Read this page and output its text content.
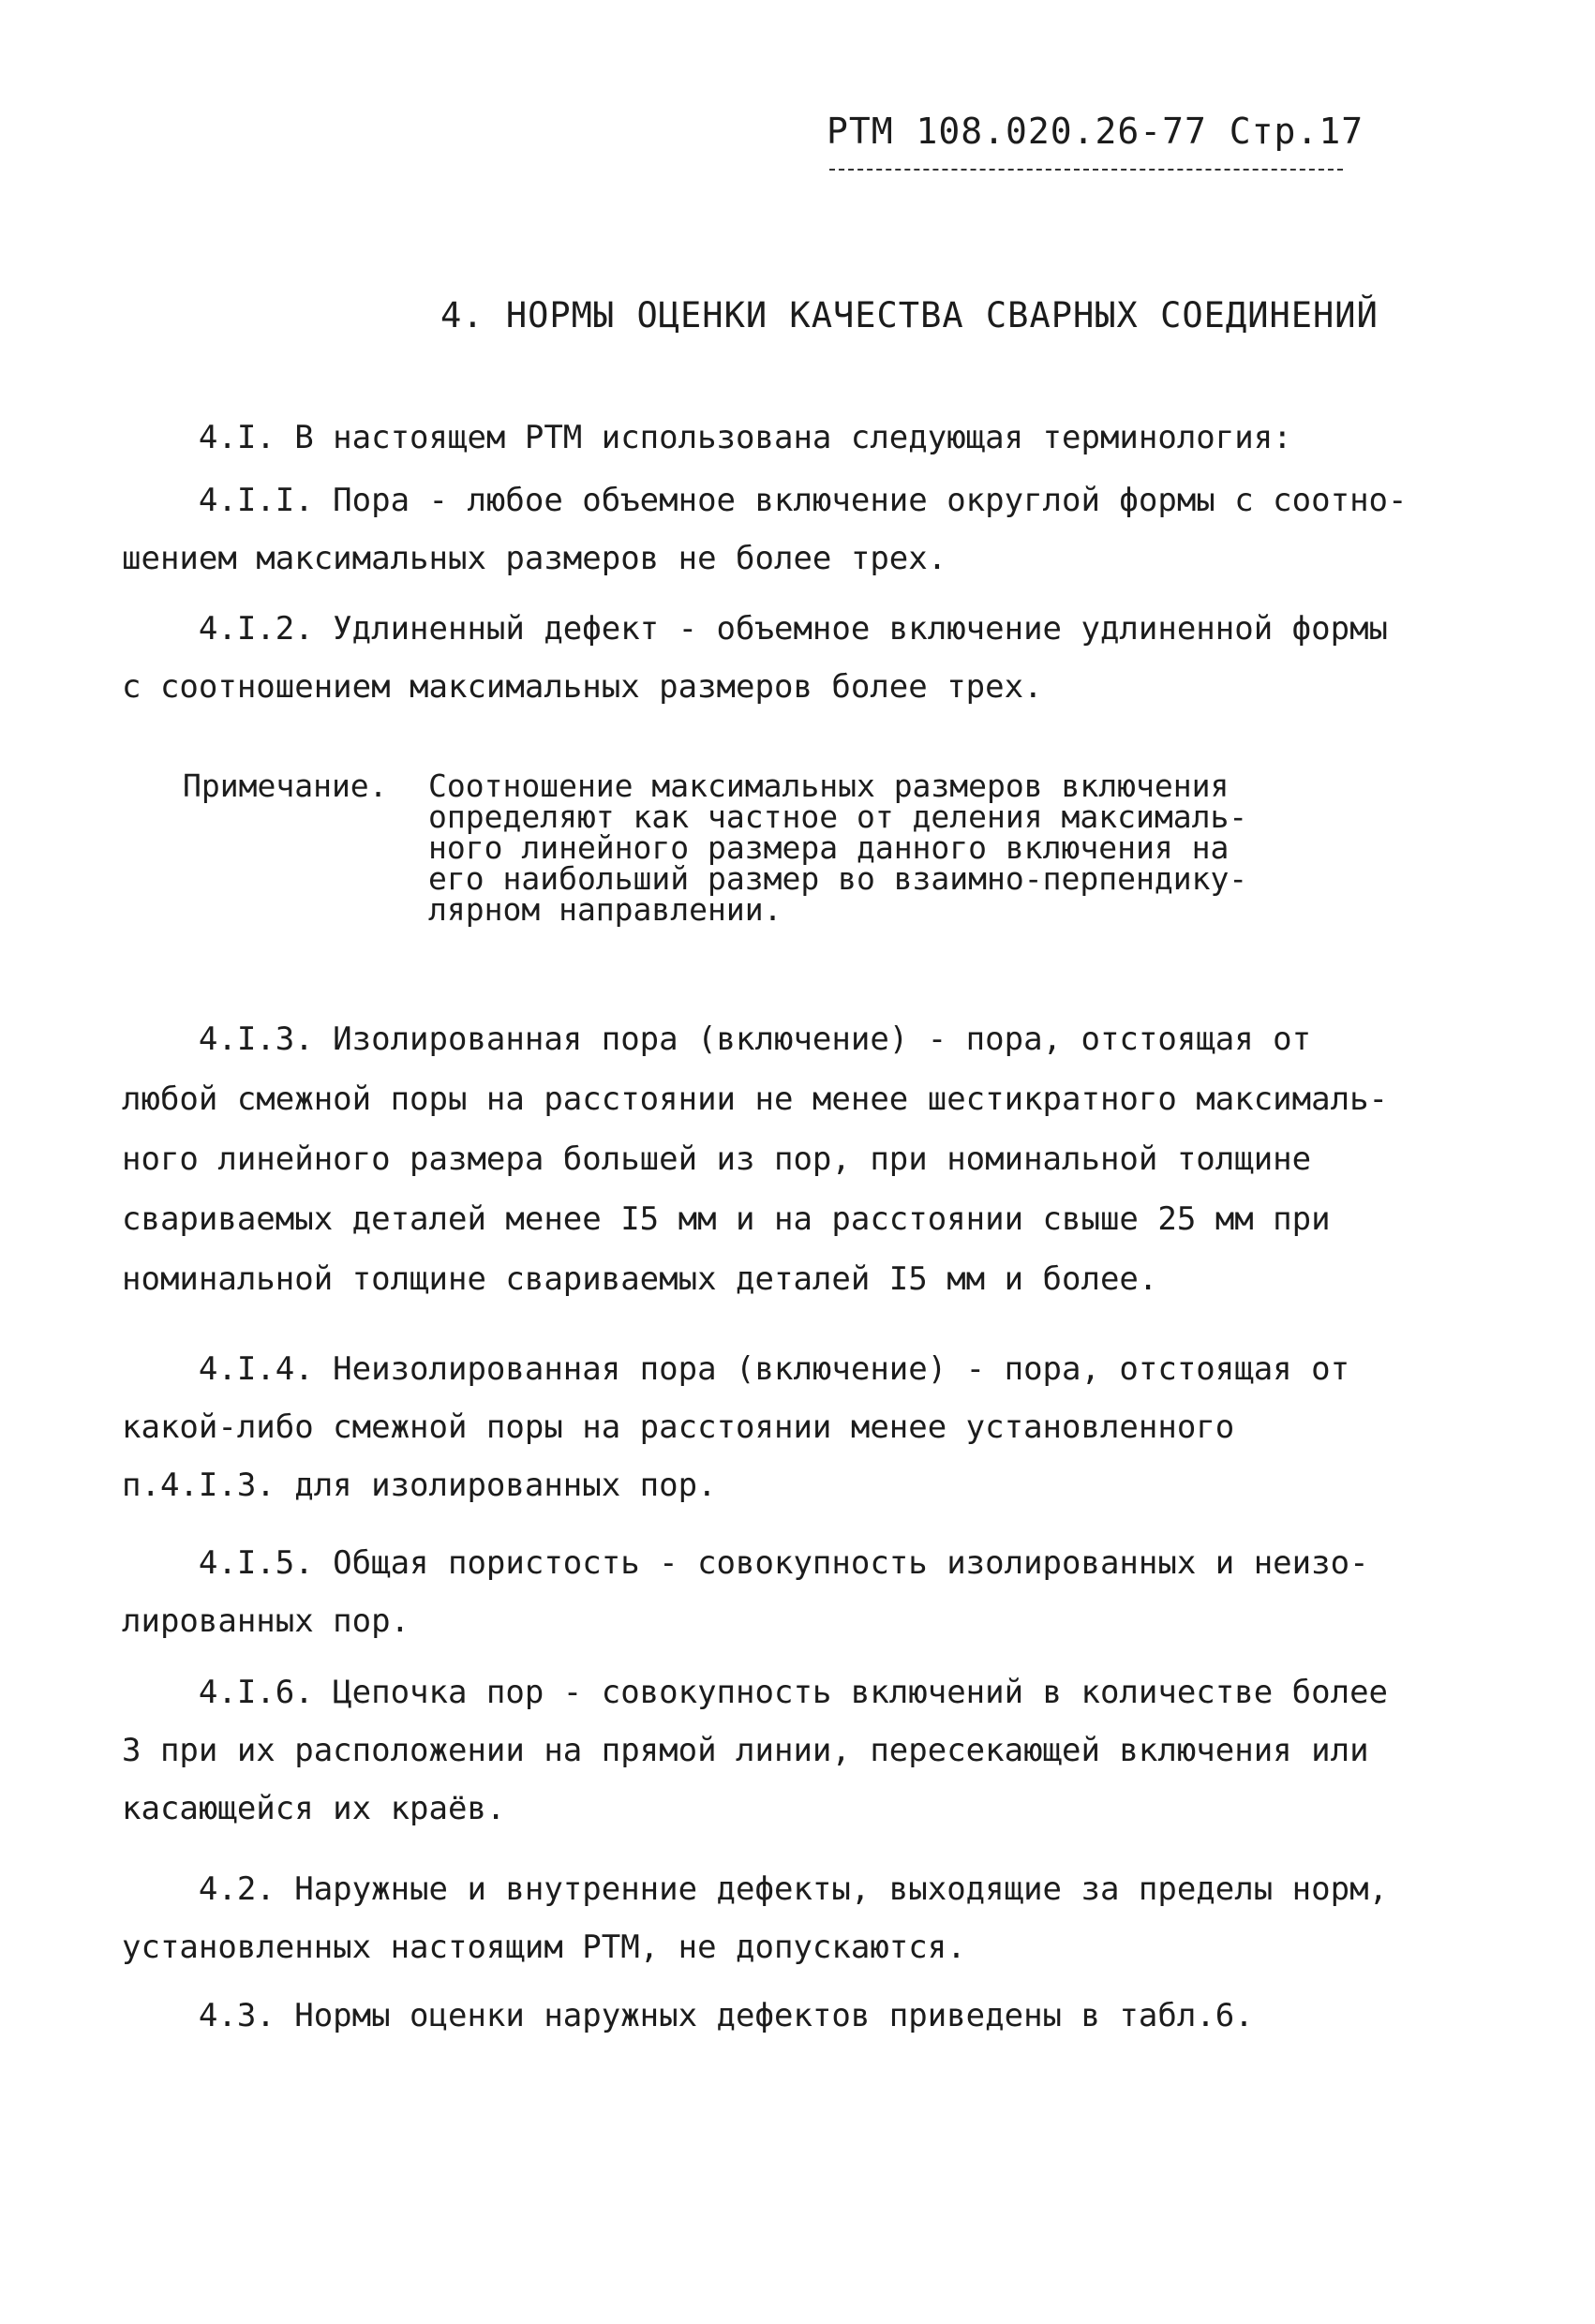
РТМ 108.020.26-77 Стр.17
4. НОРМЫ ОЦЕНКИ КАЧЕСТВА СВАРНЫХ СОЕДИНЕНИЙ
4.I. В настоящем РТМ использована следующая терминология:
4.I.I. Пора - любое объемное включение округлой формы с соотно-
шением максимальных размеров не более трех.
4.I.2. Удлиненный дефект - объемное включение удлиненной формы
с соотношением максимальных размеров более трех.
Примечание. Соотношение максимальных размеров включения
определяют как частное от деления максималь-
ного линейного размера данного включения на
его наибольший размер во взаимно-перпендику-
лярном направлении.
4.I.3. Изолированная пора (включение) - пора, отстоящая от
любой смежной поры на расстоянии не менее шестикратного максималь-
ного линейного размера большей из пор, при номинальной толщине
свариваемых деталей менее I5 мм и на расстоянии свыше 25 мм при
номинальной толщине свариваемых деталей I5 мм и более.
4.I.4. Неизолированная пора (включение) - пора, отстоящая от
какой-либо смежной поры на расстоянии менее установленного
п.4.I.3. для изолированных пор.
4.I.5. Общая пористость - совокупность изолированных и неизо-
лированных пор.
4.I.6. Цепочка пор - совокупность включений в количестве более
3 при их расположении на прямой линии, пересекающей включения или
касающейся их краёв.
4.2. Наружные и внутренние дефекты, выходящие за пределы норм,
установленных настоящим РТМ, не допускаются.
4.3. Нормы оценки наружных дефектов приведены в табл.6.
